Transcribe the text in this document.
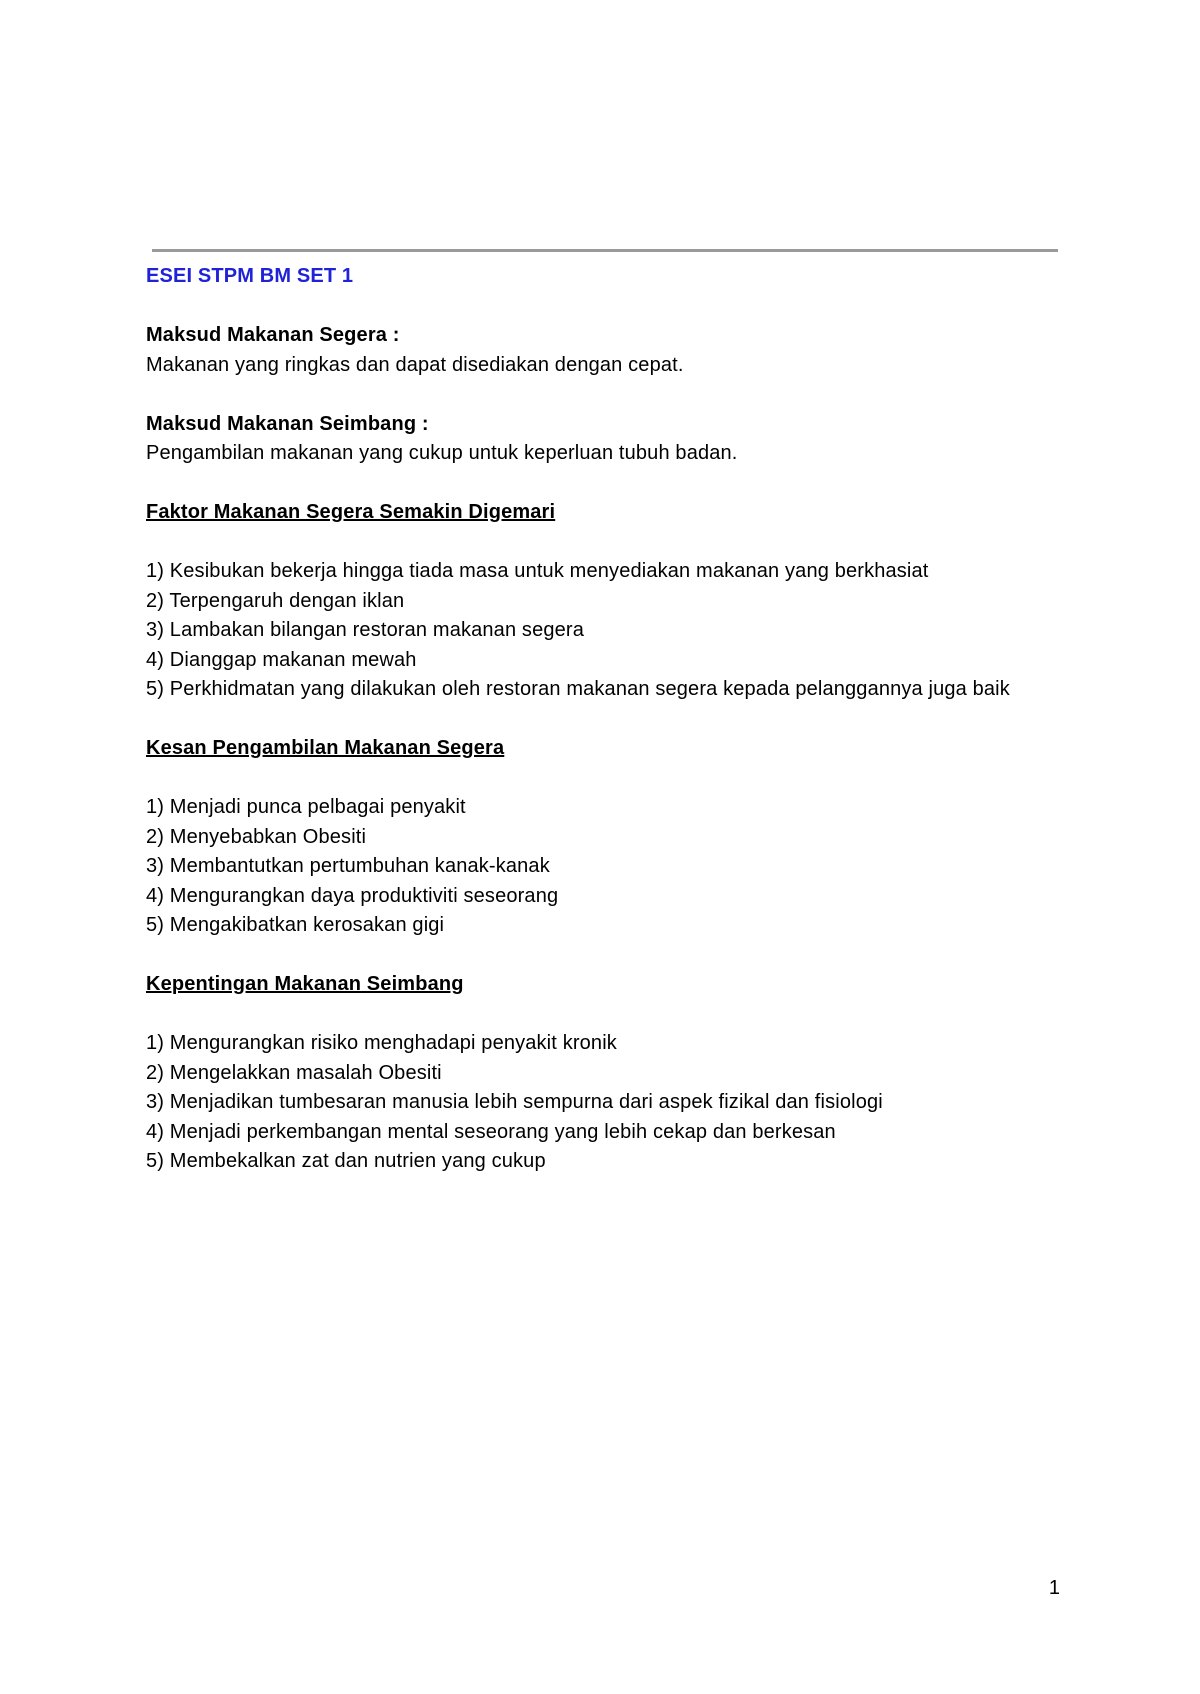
ESEI STPM BM SET 1

Maksud Makanan Segera :

Makanan yang ringkas dan dapat disediakan dengan cepat.

Maksud Makanan Seimbang :

Pengambilan makanan yang cukup untuk keperluan tubuh badan.

Faktor Makanan Segera Semakin Digemari

1) Kesibukan bekerja hingga tiada masa untuk menyediakan makanan yang berkhasiat
2) Terpengaruh dengan iklan
3) Lambakan bilangan restoran makanan segera
4) Dianggap makanan mewah
5) Perkhidmatan yang dilakukan oleh restoran makanan segera kepada pelanggannya juga baik

Kesan Pengambilan Makanan Segera

1) Menjadi punca pelbagai penyakit
2) Menyebabkan Obesiti
3) Membantutkan pertumbuhan kanak-kanak
4) Mengurangkan daya produktiviti seseorang
5) Mengakibatkan kerosakan gigi

Kepentingan Makanan Seimbang

1) Mengurangkan risiko menghadapi penyakit kronik
2) Mengelakkan masalah Obesiti
3) Menjadikan tumbesaran manusia lebih sempurna dari aspek fizikal dan fisiologi
4) Menjadi perkembangan mental seseorang yang lebih cekap dan berkesan
5) Membekalkan zat dan nutrien yang cukup
1
